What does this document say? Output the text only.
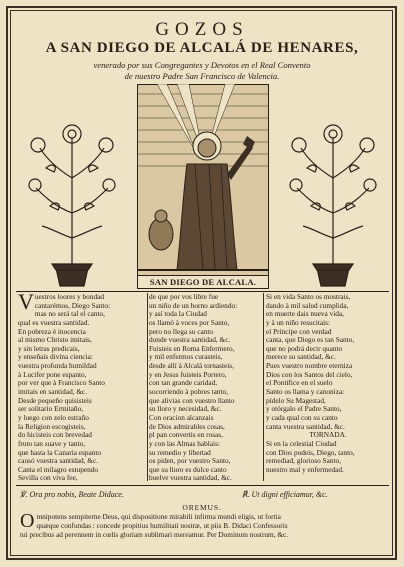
GOZOS
A SAN DIEGO DE ALCALÁ DE HENARES,

venerado por sus Congregantes y Devotos en el Real Convento

de nuestro Padre San Francisco de Valencia.

SAN DIEGO DE ALCALA.
V uestros loores y bondad
cantarémos, Diego Santo:
mas no será tal el canto,
qual es vuestra santidad.
En pobreza è inocencia
al mismo Christo imitais,
y sin letras predicais,
y enseñais divina ciencia:
vuestra profunda humildad
à Lucifer pone espanto,
por ver que à Francisco Santo
imitais en santidad, &c.
Desde pequeño quisisteis
ser solitario Ermitaño,
y luego con zelo estraño
la Religion escogisteis,
do hicisteis con brevedad
fruto tan suave y tanto,
que hasta la Canaria espanto
causó vuestra santidad, &c.
Canta el milagro estupendo
Sevilla con viva fee,
de que por vos libre fue
un niño de un horno ardiendo:
y así toda la Ciudad
os llamó à voces por Santo,
pero no llega su canto
donde vuestra santidad, &c.
Fuisteis en Roma Enfermero,
y mil enfermos curasteis,
desde allí à Alcalá tornasteis,
y en Jesus fuisteis Portero,
con tan grande caridad,
socorriendo à pobres tanto,
que alivias con vuestro llanto
su lloro y necesidad, &c.
Con oracion alcanzais
de Dios admirables cosas,
pl pan convertis en rosas,
y con las Almas hablais:
su remedio y libertad
os piden, por vuestro Santo,
que su lloro es dulce canto
buelve vuestra santidad, &c.
Si en vida Santo os mostrais,
dando à mil salud cumplida,
en muerte dais nueva vida,
y à un niño resucitais:
el Príncipe con verdad
canta, que Diego es tan Santo,
que no podrá decir quanto
merece su santidad, &c.
Pues vuestro nombre eterniza
Dios con los Santos del cielo,
el Pontífice en el suelo
Santo os llama y canoniza:
pídelo Su Magestad,
y otórgalo el Padre Santo,
y cada qual con su canto
canta vuestra santidad, &c.
TORNADA.
Si en la celestial Ciudad
con Dios podeis, Diego, tanto,
remediad, glorioso Santo,
nuestro mal y enfermedad.
℣. Ora pro nobis, Beate Didace.	℟. Ut digni efficiamur, &c.
OREMUS.
O mnipotens sempiterne Deus, qui dispositione mirabili infirma mundi eligis, ut fortia
quæque confundas : concede propitius humilitati nostræ, ut piis B. Didaci Confessoris
tui precibus ad perennem in cœlis gloriam sublimari mereamur. Per Dominum nostrum, &c.
